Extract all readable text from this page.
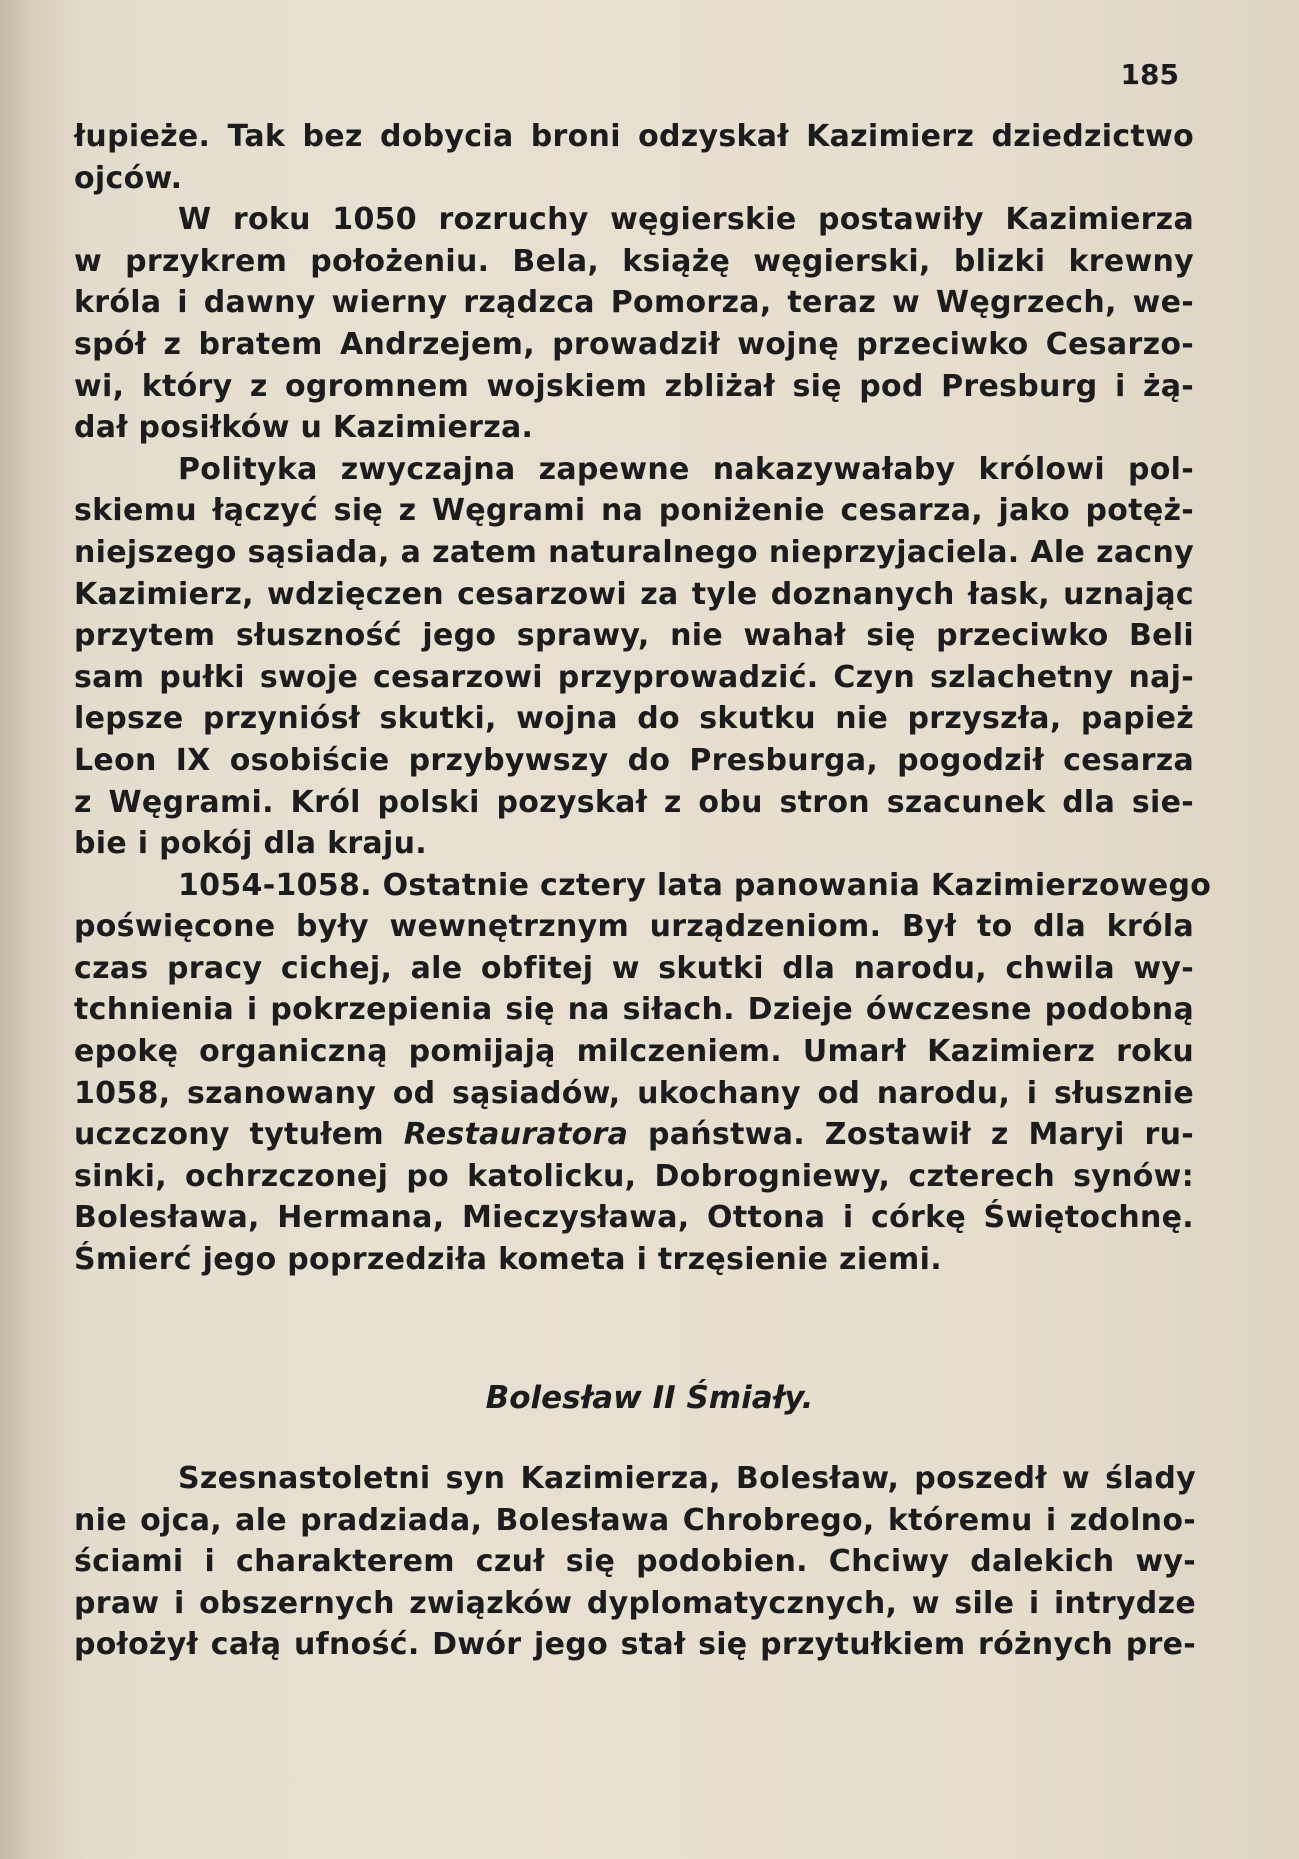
185
łupieże. Tak bez dobycia broni odzyskał Kazimierz dziedzictwo
ojców.
W roku 1050 rozruchy węgierskie postawiły Kazimierza
w przykrem położeniu. Bela, książę węgierski, blizki krewny
króla i dawny wierny rządzca Pomorza, teraz w Węgrzech, we-
spół z bratem Andrzejem, prowadził wojnę przeciwko Cesarzo-
wi, który z ogromnem wojskiem zbliżał się pod Presburg i żą-
dał posiłków u Kazimierza.
Polityka zwyczajna zapewne nakazywałaby królowi pol-
skiemu łączyć się z Węgrami na poniżenie cesarza, jako potęż-
niejszego sąsiada, a zatem naturalnego nieprzyjaciela. Ale zacny
Kazimierz, wdzięczen cesarzowi za tyle doznanych łask, uznając
przytem słuszność jego sprawy, nie wahał się przeciwko Beli
sam pułki swoje cesarzowi przyprowadzić. Czyn szlachetny naj-
lepsze przyniósł skutki, wojna do skutku nie przyszła, papież
Leon IX osobiście przybywszy do Presburga, pogodził cesarza
z Węgrami. Król polski pozyskał z obu stron szacunek dla sie-
bie i pokój dla kraju.
1054-1058. Ostatnie cztery lata panowania Kazimierzowego
poświęcone były wewnętrznym urządzeniom. Był to dla króla
czas pracy cichej, ale obfitej w skutki dla narodu, chwila wy-
tchnienia i pokrzepienia się na siłach. Dzieje ówczesne podobną
epokę organiczną pomijają milczeniem. Umarł Kazimierz roku
1058, szanowany od sąsiadów, ukochany od narodu, i słusznie
uczczony tytułem Restauratora państwa. Zostawił z Maryi ru-
sinki, ochrzczonej po katolicku, Dobrogniewy, czterech synów:
Bolesława, Hermana, Mieczysława, Ottona i córkę Świętochnę.
Śmierć jego poprzedziła kometa i trzęsienie ziemi.
Bolesław II Śmiały.
Szesnastoletni syn Kazimierza, Bolesław, poszedł w ślady
nie ojca, ale pradziada, Bolesława Chrobrego, któremu i zdolno-
ściami i charakterem czuł się podobien. Chciwy dalekich wy-
praw i obszernych związków dyplomatycznych, w sile i intrydze
położył całą ufność. Dwór jego stał się przytułkiem różnych pre-
